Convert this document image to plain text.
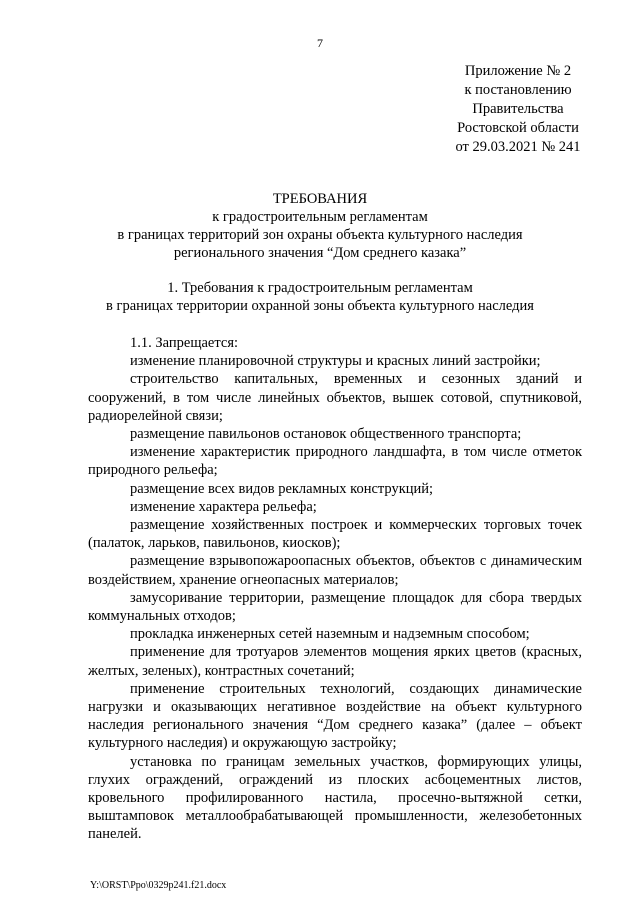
7
Приложение № 2
к постановлению
Правительства
Ростовской области
от 29.03.2021 № 241
ТРЕБОВАНИЯ
к градостроительным регламентам
в границах территорий зон охраны объекта культурного наследия
регионального значения “Дом среднего казака”
1. Требования к градостроительным регламентам
в границах территории охранной зоны объекта культурного наследия

1.1. Запрещается:

изменение планировочной структуры и красных линий застройки;

строительство капитальных, временных и сезонных зданий и сооружений, в том числе линейных объектов, вышек сотовой, спутниковой, радиорелейной связи;

размещение павильонов остановок общественного транспорта;

изменение характеристик природного ландшафта, в том числе отметок природного рельефа;

размещение всех видов рекламных конструкций;

изменение характера рельефа;

размещение хозяйственных построек и коммерческих торговых точек (палаток, ларьков, павильонов, киосков);

размещение взрывопожароопасных объектов, объектов с динамическим воздействием, хранение огнеопасных материалов;

замусоривание территории, размещение площадок для сбора твердых коммунальных отходов;

прокладка инженерных сетей наземным и надземным способом;

применение для тротуаров элементов мощения ярких цветов (красных, желтых, зеленых), контрастных сочетаний;

применение строительных технологий, создающих динамические нагрузки и оказывающих негативное воздействие на объект культурного наследия регионального значения “Дом среднего казака” (далее – объект культурного наследия) и окружающую застройку;

установка по границам земельных участков, формирующих улицы, глухих ограждений, ограждений из плоских асбоцементных листов, кровельного профилированного настила, просечно-вытяжной сетки, выштамповок металлообрабатывающей промышленности, железобетонных панелей.

Y:\ORST\Ppo\0329p241.f21.docx
